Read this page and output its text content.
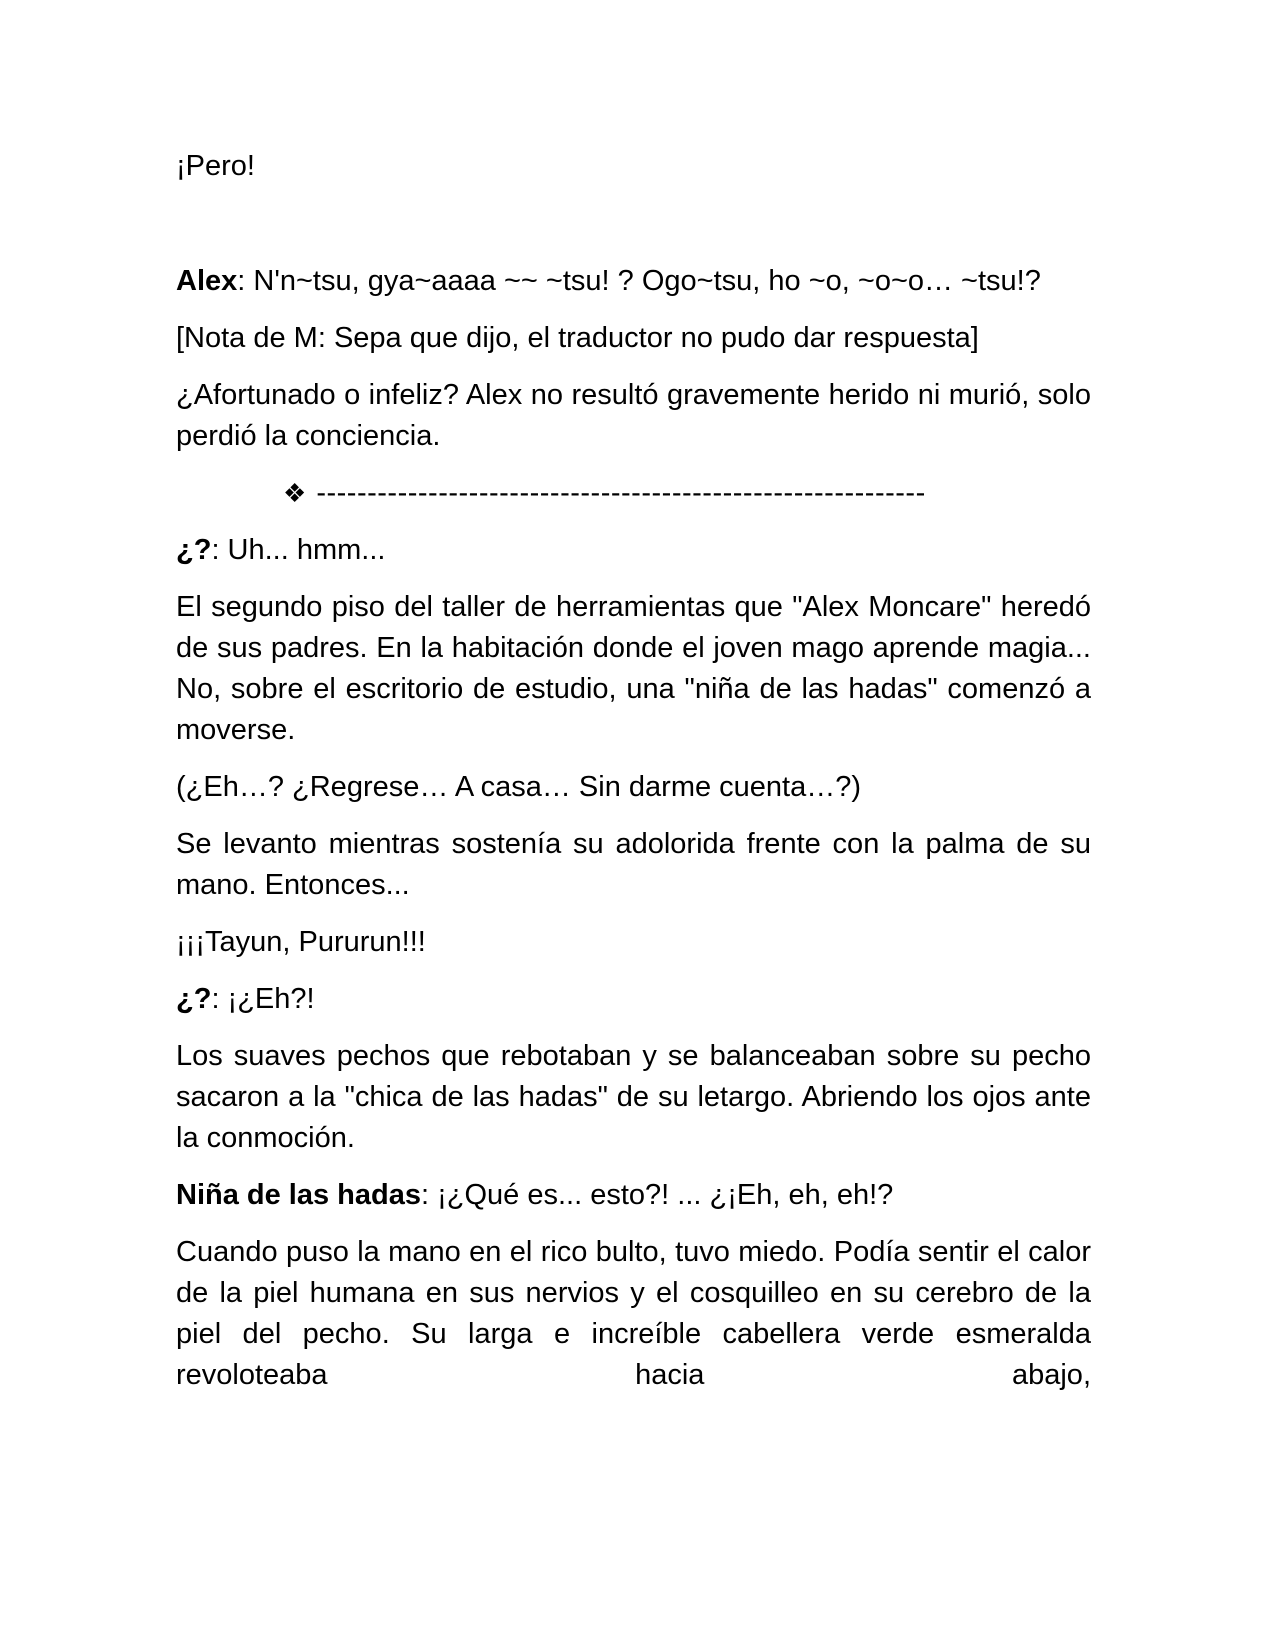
¡Pero!

Alex: N'n~tsu, gya~aaaa ~~ ~tsu! ? Ogo~tsu, ho ~o, ~o~o… ~tsu!?

[Nota de M: Sepa que dijo, el traductor no pudo dar respuesta]

¿Afortunado o infeliz? Alex no resultó gravemente herido ni murió, solo perdió la conciencia.

❖ ------------------------------------------------------------

¿?: Uh... hmm...

El segundo piso del taller de herramientas que "Alex Moncare" heredó de sus padres. En la habitación donde el joven mago aprende magia... No, sobre el escritorio de estudio, una "niña de las hadas" comenzó a moverse.

(¿Eh…? ¿Regrese… A casa… Sin darme cuenta…?)

Se levanto mientras sostenía su adolorida frente con la palma de su mano. Entonces...

¡¡¡Tayun, Pururun!!!

¿?: ¡¿Eh?!

Los suaves pechos que rebotaban y se balanceaban sobre su pecho sacaron a la "chica de las hadas" de su letargo. Abriendo los ojos ante la conmoción.

Niña de las hadas: ¡¿Qué es... esto?! ... ¿¡Eh, eh, eh!?

Cuando puso la mano en el rico bulto, tuvo miedo. Podía sentir el calor de la piel humana en sus nervios y el cosquilleo en su cerebro de la piel del pecho. Su larga e increíble cabellera verde esmeralda revoloteaba hacia abajo,
